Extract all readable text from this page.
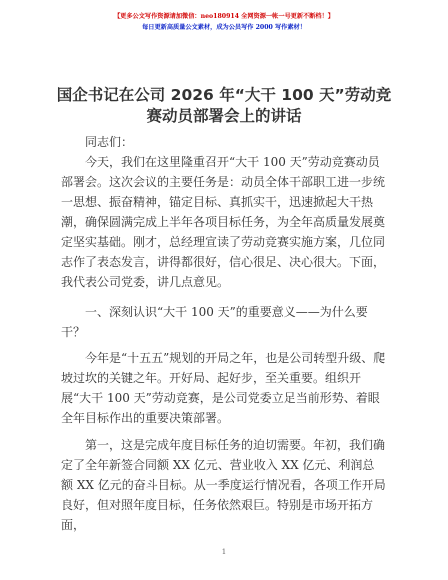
【更多公文写作资源请加微信：neo180914 全网资源一帐一号更新不断档！】
每日更新高质量公文素材，成为公员写作 2000 写作素材！
国企书记在公司 2026 年“大干 100 天”劳动竞
赛动员部署会上的讲话
同志们：

今天，我们在这里隆重召开“大干 100 天”劳动竞赛动员部署会。这次会议的主要任务是：动员全体干部职工进一步统一思想、振奋精神，锚定目标、真抓实干，迅速掀起大干热潮，确保圆满完成上半年各项目标任务，为全年高质量发展奠定坚实基础。刚才，总经理宣读了劳动竞赛实施方案，几位同志作了表态发言，讲得都很好，信心很足、决心很大。下面，我代表公司党委，讲几点意见。

一、深刻认识“大干 100 天”的重要意义——为什么要干？

今年是“十五五”规划的开局之年，也是公司转型升级、爬坡过坎的关键之年。开好局、起好步，至关重要。组织开展“大干 100 天”劳动竞赛，是公司党委立足当前形势、着眼全年目标作出的重要决策部署。

第一，这是完成年度目标任务的迫切需要。年初，我们确定了全年新签合同额 XX 亿元、营业收入 XX 亿元、利润总额 XX 亿元的奋斗目标。从一季度运行情况看，各项工作开局良好，但对照年度目标，任务依然艰巨。特别是市场开拓方面，

1
